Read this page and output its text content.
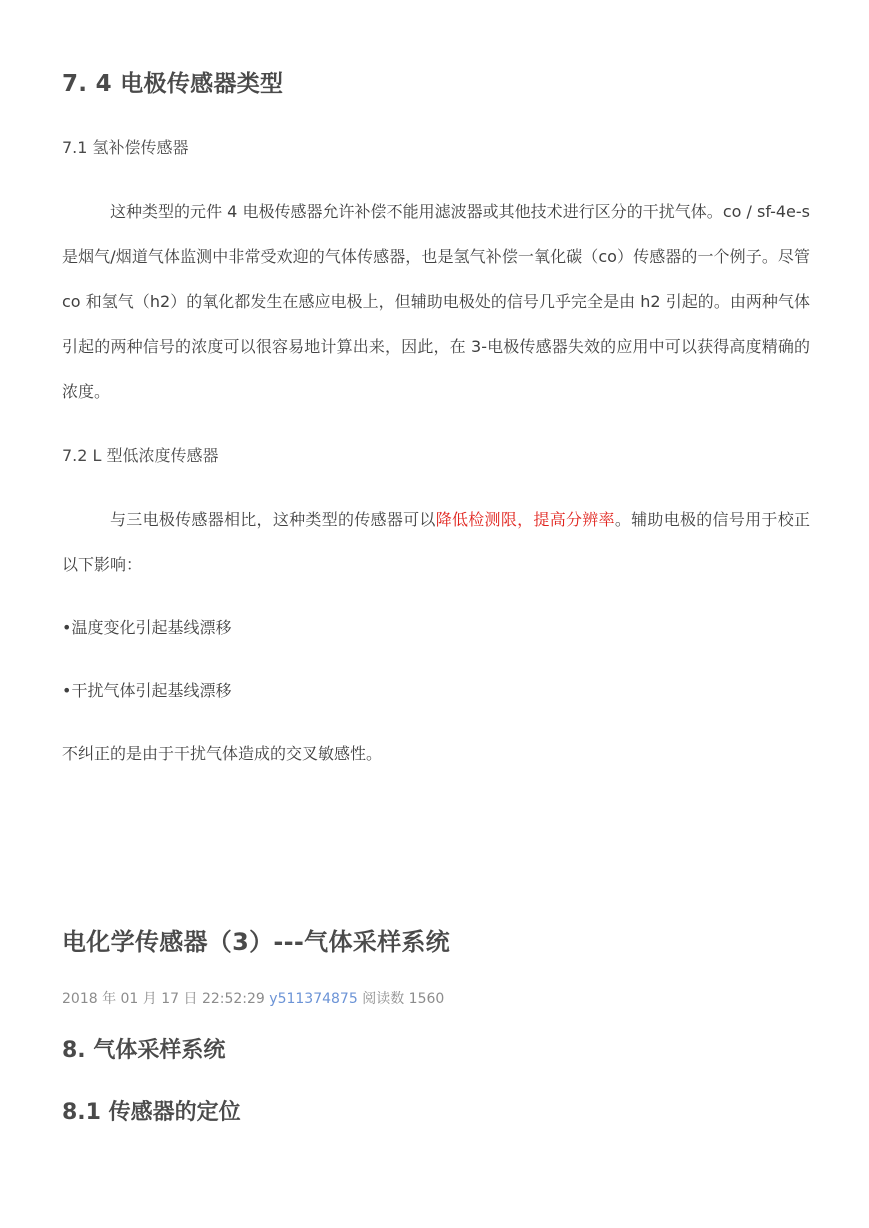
7. 4 电极传感器类型
7.1 氢补偿传感器

这种类型的元件 4 电极传感器允许补偿不能用滤波器或其他技术进行区分的干扰气体。co / sf-4e-s 是烟气/烟道气体监测中非常受欢迎的气体传感器，也是氢气补偿一氧化碳（co）传感器的一个例子。尽管 co 和氢气（h2）的氧化都发生在感应电极上，但辅助电极处的信号几乎完全是由 h2 引起的。由两种气体引起的两种信号的浓度可以很容易地计算出来，因此，在 3-电极传感器失效的应用中可以获得高度精确的浓度。

7.2 L 型低浓度传感器

与三电极传感器相比，这种类型的传感器可以降低检测限，提高分辨率。辅助电极的信号用于校正以下影响：

•温度变化引起基线漂移

•干扰气体引起基线漂移

不纠正的是由于干扰气体造成的交叉敏感性。

电化学传感器（3）---气体采样系统
2018 年 01 月 17 日 22:52:29 y511374875 阅读数 1560
8. 气体采样系统
8.1 传感器的定位
